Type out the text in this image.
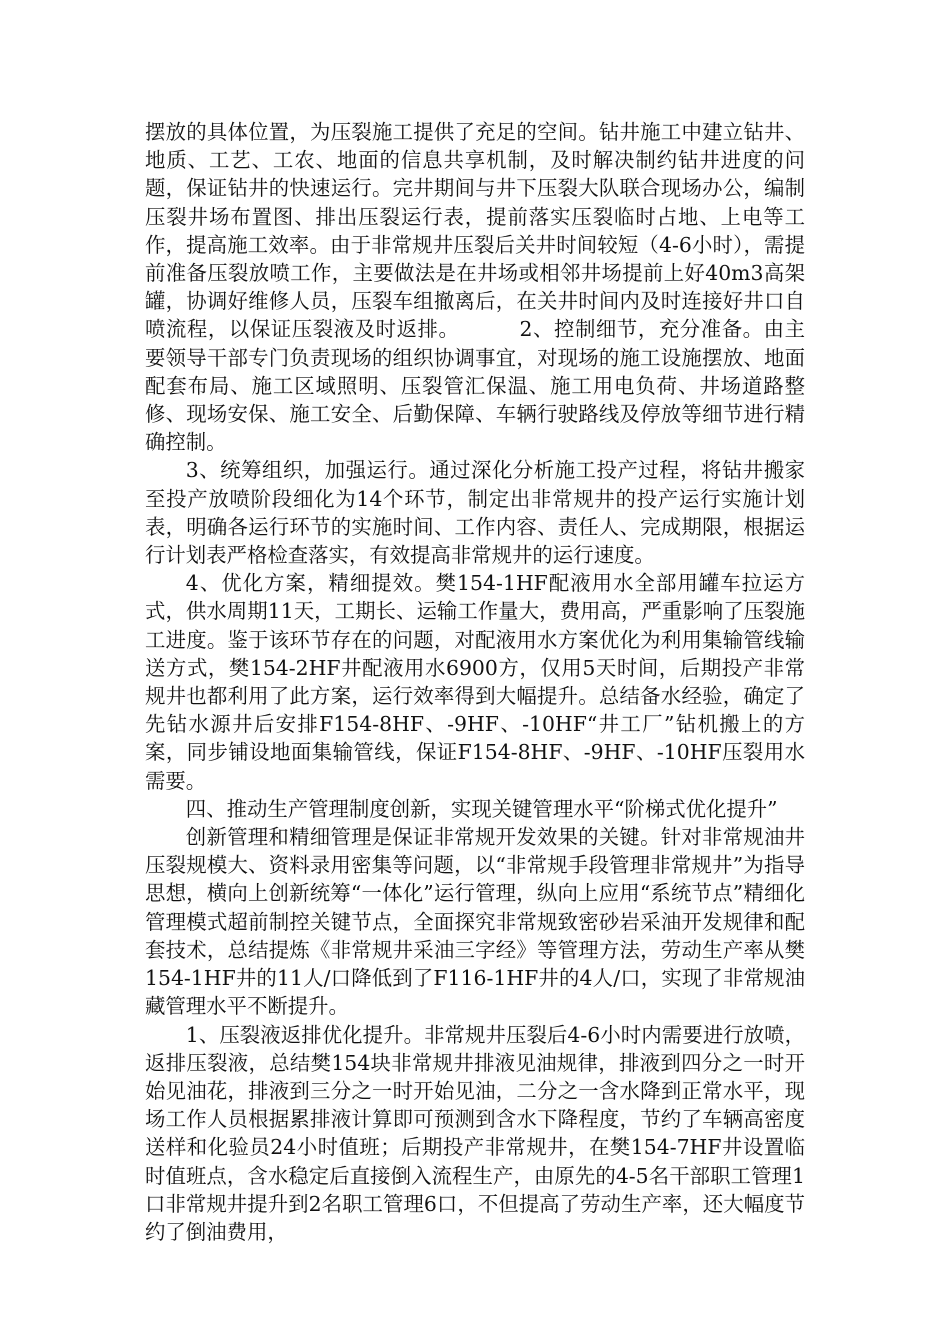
摆放的具体位置，为压裂施工提供了充足的空间。钻井施工中建立钻井、地质、工艺、工农、地面的信息共享机制，及时解决制约钻井进度的问题，保证钻井的快速运行。完井期间与井下压裂大队联合现场办公，编制压裂井场布置图、排出压裂运行表，提前落实压裂临时占地、上电等工作，提高施工效率。由于非常规井压裂后关井时间较短（4-6小时），需提前准备压裂放喷工作，主要做法是在井场或相邻井场提前上好40m3高架罐，协调好维修人员，压裂车组撤离后，在关井时间内及时连接好井口自喷流程，以保证压裂液及时返排。	2、控制细节，充分准备。由主要领导干部专门负责现场的组织协调事宜，对现场的施工设施摆放、地面配套布局、施工区域照明、压裂管汇保温、施工用电负荷、井场道路整修、现场安保、施工安全、后勤保障、车辆行驶路线及停放等细节进行精确控制。

3、统筹组织，加强运行。通过深化分析施工投产过程，将钻井搬家至投产放喷阶段细化为14个环节，制定出非常规井的投产运行实施计划表，明确各运行环节的实施时间、工作内容、责任人、完成期限，根据运行计划表严格检查落实，有效提高非常规井的运行速度。

4、优化方案，精细提效。樊154-1HF配液用水全部用罐车拉运方式，供水周期11天，工期长、运输工作量大，费用高，严重影响了压裂施工进度。鉴于该环节存在的问题，对配液用水方案优化为利用集输管线输送方式，樊154-2HF井配液用水6900方，仅用5天时间，后期投产非常规井也都利用了此方案，运行效率得到大幅提升。总结备水经验，确定了先钻水源井后安排F154-8HF、-9HF、-10HF“井工厂”钻机搬上的方案，同步铺设地面集输管线，保证F154-8HF、-9HF、-10HF压裂用水需要。

四、推动生产管理制度创新，实现关键管理水平“阶梯式优化提升”

创新管理和精细管理是保证非常规开发效果的关键。针对非常规油井压裂规模大、资料录用密集等问题，以“非常规手段管理非常规井”为指导思想，横向上创新统筹“一体化”运行管理，纵向上应用“系统节点”精细化管理模式超前制控关键节点，全面探究非常规致密砂岩采油开发规律和配套技术，总结提炼《非常规井采油三字经》等管理方法，劳动生产率从樊154-1HF井的11人/口降低到了F116-1HF井的4人/口，实现了非常规油藏管理水平不断提升。

1、压裂液返排优化提升。非常规井压裂后4-6小时内需要进行放喷，返排压裂液，总结樊154块非常规井排液见油规律，排液到四分之一时开始见油花，排液到三分之一时开始见油，二分之一含水降到正常水平，现场工作人员根据累排液计算即可预测到含水下降程度，节约了车辆高密度送样和化验员24小时值班；后期投产非常规井，在樊154-7HF井设置临时值班点，含水稳定后直接倒入流程生产，由原先的4-5名干部职工管理1口非常规井提升到2名职工管理6口，不但提高了劳动生产率，还大幅度节约了倒油费用，
